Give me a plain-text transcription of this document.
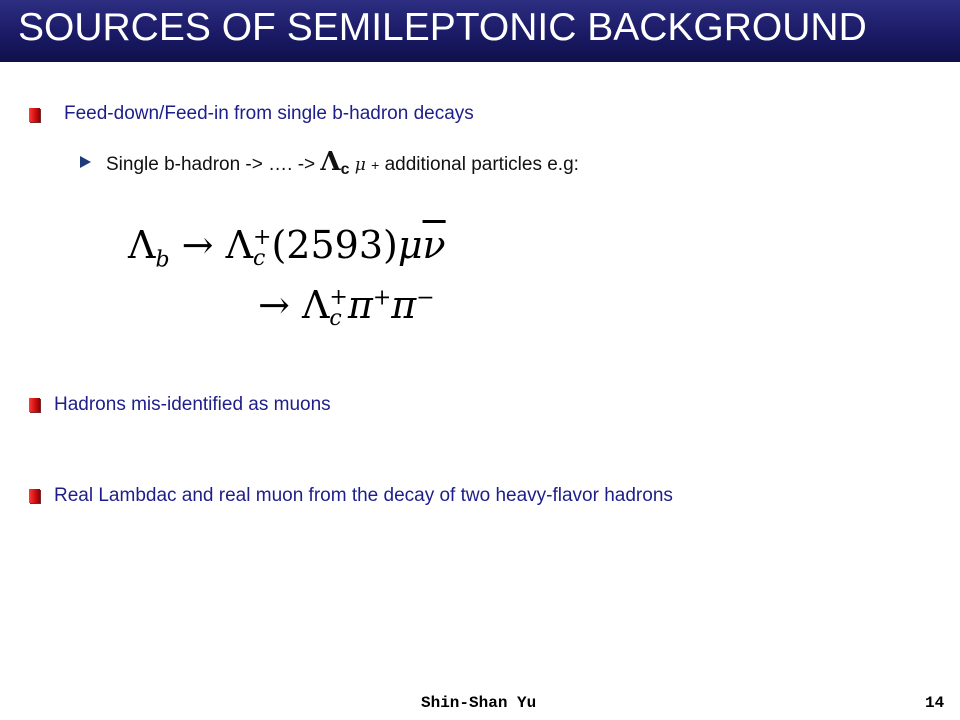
SOURCES OF SEMILEPTONIC BACKGROUND
Feed-down/Feed-in from single b-hadron decays
Single b-hadron -> …. -> $\Lambda_c$ μ + additional particles e.g:
$\Lambda_b \to \Lambda$ +
c $(2593)\mu\overline{\nu}$
→ Λ +
c π+π−
Hadrons mis-identified as muons
Real Lambdac and real muon from the decay of two heavy-flavor hadrons
Shin-Shan Yu	14
